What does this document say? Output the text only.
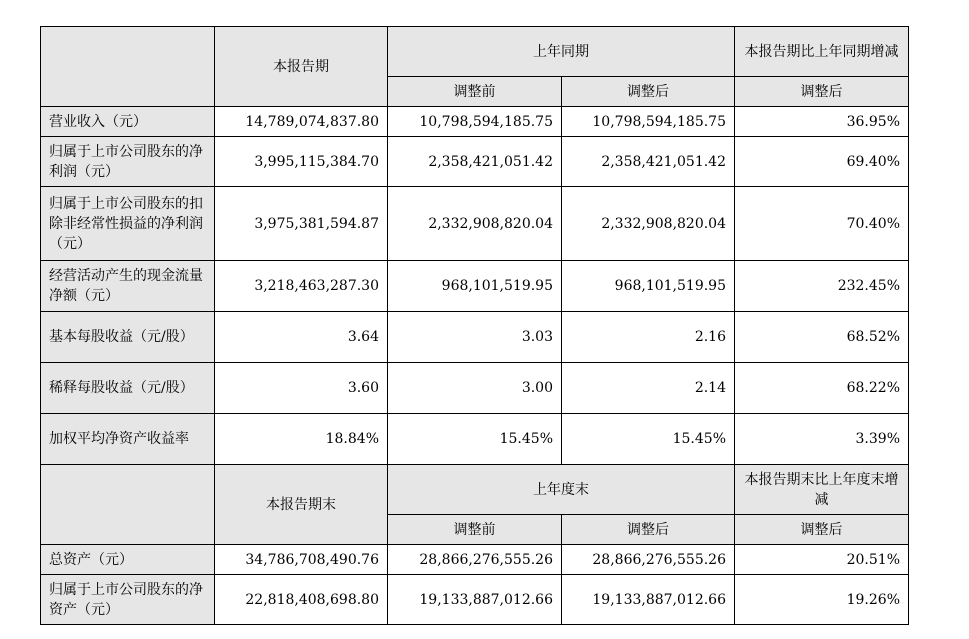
	本报告期	上年同期		本报告期比上年同期增减
		调整前	调整后	调整后
营业收入（元）	14,789,074,837.80	10,798,594,185.75	10,798,594,185.75	36.95%
归属于上市公司股东的净利润（元）	3,995,115,384.70	2,358,421,051.42	2,358,421,051.42	69.40%
归属于上市公司股东的扣除非经常性损益的净利润（元）	3,975,381,594.87	2,332,908,820.04	2,332,908,820.04	70.40%
经营活动产生的现金流量净额（元）	3,218,463,287.30	968,101,519.95	968,101,519.95	232.45%
基本每股收益（元/股）	3.64	3.03	2.16	68.52%
稀释每股收益（元/股）	3.60	3.00	2.14	68.22%
加权平均净资产收益率	18.84%	15.45%	15.45%	3.39%
	本报告期末	上年度末		本报告期末比上年度末增减
		调整前	调整后	调整后
总资产（元）	34,786,708,490.76	28,866,276,555.26	28,866,276,555.26	20.51%
归属于上市公司股东的净资产（元）	22,818,408,698.80	19,133,887,012.66	19,133,887,012.66	19.26%
